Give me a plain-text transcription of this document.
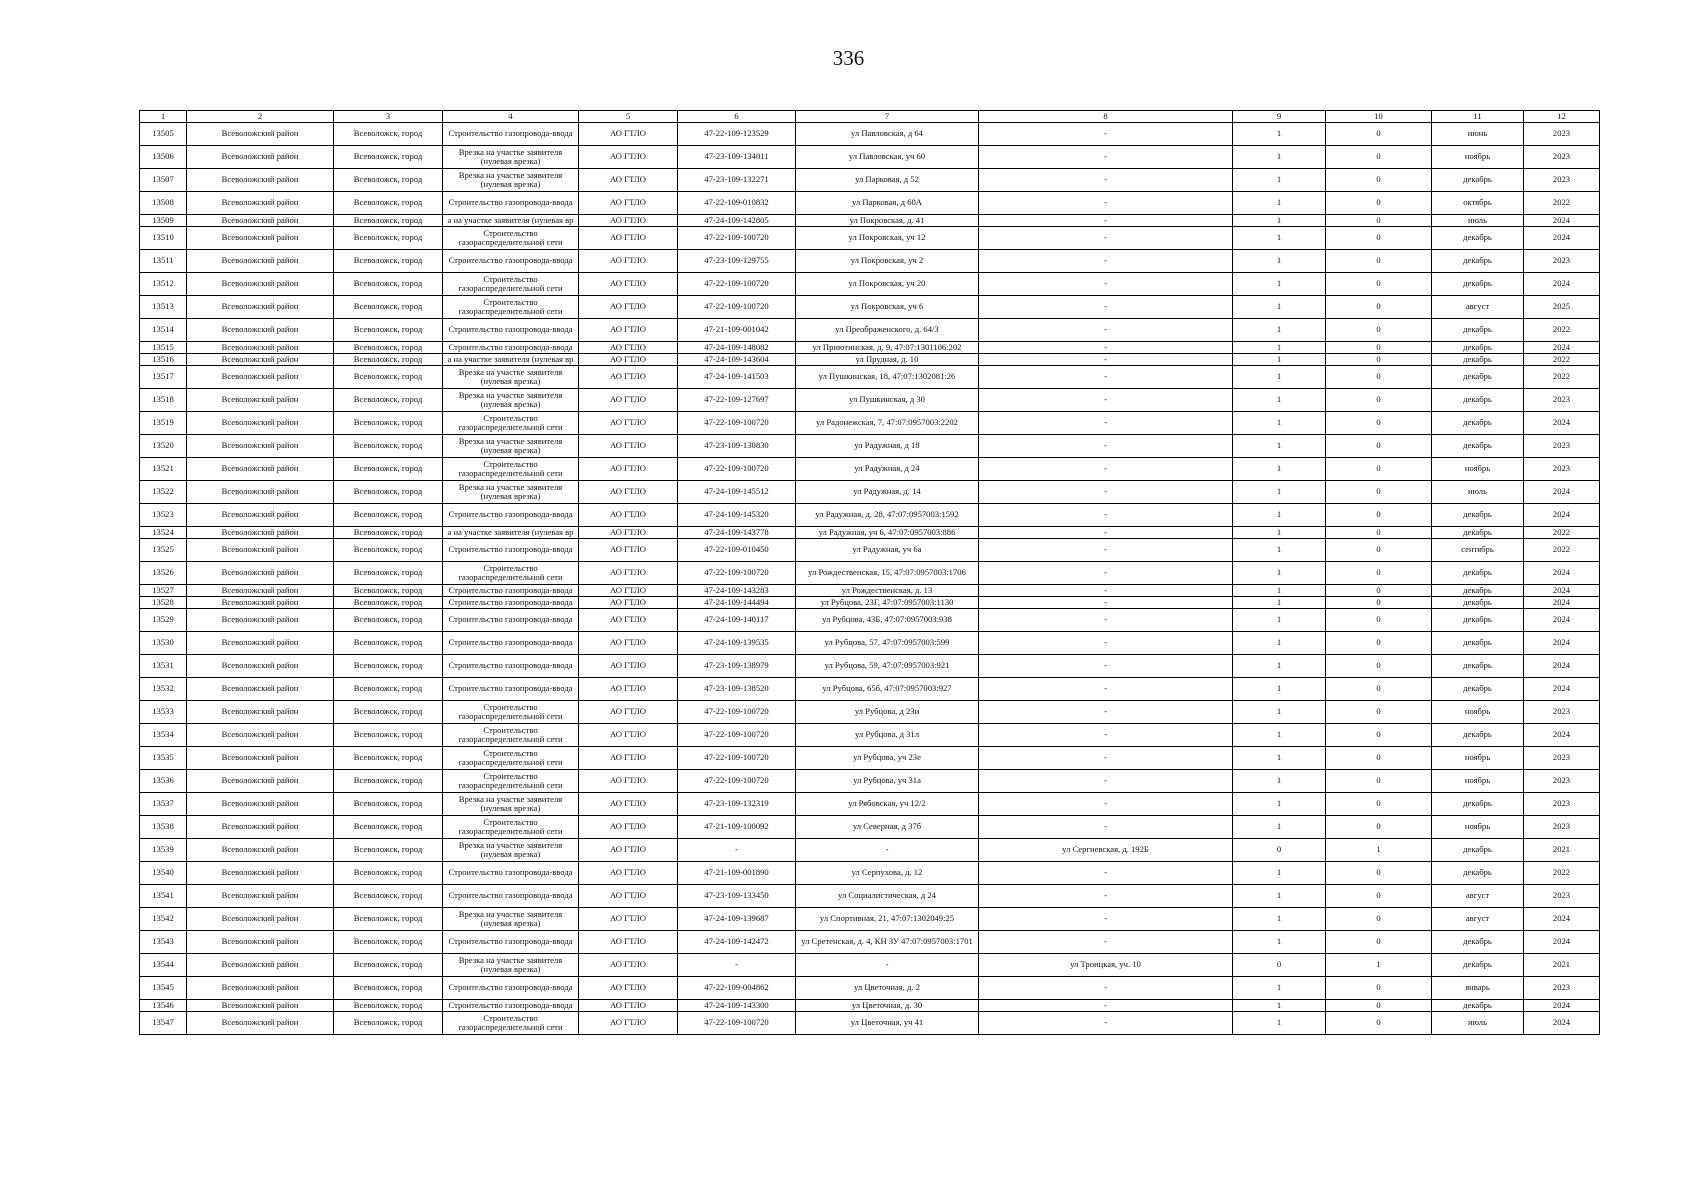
336
1	2	3	4	5	6	7	8	9	10	11	12
13505	Всеволожский район	Всеволожск, город	Строительство газопровода-ввода	АО ГТЛО	47-22-109-123529	ул Павловская, д 64	-	1	0	июнь	2023
13506	Всеволожский район	Всеволожск, город	Врезка на участке заявителя (нулевая врезка)	АО ГТЛО	47-23-109-134011	ул Павловская, уч 60	-	1	0	ноябрь	2023
13507	Всеволожский район	Всеволожск, город	Врезка на участке заявителя (нулевая врезка)	АО ГТЛО	47-23-109-132271	ул Парковая, д 52	-	1	0	декабрь	2023
13508	Всеволожский район	Всеволожск, город	Строительство газопровода-ввода	АО ГТЛО	47-22-109-010832	ул Парковая, д 60А	-	1	0	октябрь	2022
13509	Всеволожский район	Всеволожск, город	а на участке заявителя (нулевая вр	АО ГТЛО	47-24-109-142805	ул Покровская, д. 41	-	1	0	июль	2024
13510	Всеволожский район	Всеволожск, город	Строительство газораспределительной сети	АО ГТЛО	47-22-109-100720	ул Покровская, уч 12	-	1	0	декабрь	2024
13511	Всеволожский район	Всеволожск, город	Строительство газопровода-ввода	АО ГТЛО	47-23-109-129755	ул Покровская, уч 2	-	1	0	декабрь	2023
13512	Всеволожский район	Всеволожск, город	Строительство газораспределительной сети	АО ГТЛО	47-22-109-100720	ул Покровская, уч 20	-	1	0	декабрь	2024
13513	Всеволожский район	Всеволожск, город	Строительство газораспределительной сети	АО ГТЛО	47-22-109-100720	ул Покровская, уч 6	-	1	0	август	2025
13514	Всеволожский район	Всеволожск, город	Строительство газопровода-ввода	АО ГТЛО	47-21-109-001042	ул Преображенского, д. 64/3	-	1	0	декабрь	2022
13515	Всеволожский район	Всеволожск, город	Строительство газопровода-ввода	АО ГТЛО	47-24-109-148082	ул Приютинская, д. 9, 47:07:1301106:202	-	1	0	декабрь	2024
13516	Всеволожский район	Всеволожск, город	а на участке заявителя (нулевая вр	АО ГТЛО	47-24-109-143604	ул Прудная, д. 10	-	1	0	декабрь	2022
13517	Всеволожский район	Всеволожск, город	Врезка на участке заявителя (нулевая врезка)	АО ГТЛО	47-24-109-141503	ул Пушкинская, 18, 47:07:1302081:26	-	1	0	декабрь	2022
13518	Всеволожский район	Всеволожск, город	Врезка на участке заявителя (нулевая врезка)	АО ГТЛО	47-22-109-127697	ул Пушкинская, д 30	-	1	0	декабрь	2023
13519	Всеволожский район	Всеволожск, город	Строительство газораспределительной сети	АО ГТЛО	47-22-109-100720	ул Радонежская, 7, 47:07:0957003:2202	-	1	0	декабрь	2024
13520	Всеволожский район	Всеволожск, город	Врезка на участке заявителя (нулевая врезка)	АО ГТЛО	47-23-109-130830	ул Радужная, д 18	-	1	0	декабрь	2023
13521	Всеволожский район	Всеволожск, город	Строительство газораспределительной сети	АО ГТЛО	47-22-109-100720	ул Радужная, д 24	-	1	0	ноябрь	2023
13522	Всеволожский район	Всеволожск, город	Врезка на участке заявителя (нулевая врезка)	АО ГТЛО	47-24-109-145512	ул Радужная, д. 14	-	1	0	июль	2024
13523	Всеволожский район	Всеволожск, город	Строительство газопровода-ввода	АО ГТЛО	47-24-109-145320	ул Радужная, д. 28, 47:07:0957003:1592	-	1	0	декабрь	2024
13524	Всеволожский район	Всеволожск, город	а на участке заявителя (нулевая вр	АО ГТЛО	47-24-109-143778	ул Радужная, уч 6, 47:07:0957003:886	-	1	0	декабрь	2022
13525	Всеволожский район	Всеволожск, город	Строительство газопровода-ввода	АО ГТЛО	47-22-109-010450	ул Радужная, уч 6а	-	1	0	сентябрь	2022
13526	Всеволожский район	Всеволожск, город	Строительство газораспределительной сети	АО ГТЛО	47-22-109-100720	ул Рождественская, 15, 47:07:0957003:1706	-	1	0	декабрь	2024
13527	Всеволожский район	Всеволожск, город	Строительство газопровода-ввода	АО ГТЛО	47-24-109-143283	ул Рождественская, д. 13	-	1	0	декабрь	2024
13528	Всеволожский район	Всеволожск, город	Строительство газопровода-ввода	АО ГТЛО	47-24-109-144494	ул Рубцова, 23Г, 47:07:0957003:1130	-	1	0	декабрь	2024
13529	Всеволожский район	Всеволожск, город	Строительство газопровода-ввода	АО ГТЛО	47-24-109-140117	ул Рубцова, 43Б, 47:07:0957003:938	-	1	0	декабрь	2024
13530	Всеволожский район	Всеволожск, город	Строительство газопровода-ввода	АО ГТЛО	47-24-109-139535	ул Рубцова, 57, 47:07:0957003:599	-	1	0	декабрь	2024
13531	Всеволожский район	Всеволожск, город	Строительство газопровода-ввода	АО ГТЛО	47-23-109-138979	ул Рубцова, 59, 47:07:0957003:921	-	1	0	декабрь	2024
13532	Всеволожский район	Всеволожск, город	Строительство газопровода-ввода	АО ГТЛО	47-23-109-138520	ул Рубцова, 65б, 47:07:0957003:927	-	1	0	декабрь	2024
13533	Всеволожский район	Всеволожск, город	Строительство газораспределительной сети	АО ГТЛО	47-22-109-100720	ул Рубцова, д 23и	-	1	0	ноябрь	2023
13534	Всеволожский район	Всеволожск, город	Строительство газораспределительной сети	АО ГТЛО	47-22-109-100720	ул Рубцова, д 31л	-	1	0	декабрь	2024
13535	Всеволожский район	Всеволожск, город	Строительство газораспределительной сети	АО ГТЛО	47-22-109-100720	ул Рубцова, уч 23е	-	1	0	ноябрь	2023
13536	Всеволожский район	Всеволожск, город	Строительство газораспределительной сети	АО ГТЛО	47-22-109-100720	ул Рубцова, уч 31а	-	1	0	ноябрь	2023
13537	Всеволожский район	Всеволожск, город	Врезка на участке заявителя (нулевая врезка)	АО ГТЛО	47-23-109-132319	ул Рябовская, уч 12/2	-	1	0	декабрь	2023
13538	Всеволожский район	Всеволожск, город	Строительство газораспределительной сети	АО ГТЛО	47-21-109-100092	ул Северная, д 37б	-	1	0	ноябрь	2023
13539	Всеволожский район	Всеволожск, город	Врезка на участке заявителя (нулевая врезка)	АО ГТЛО	-	-	ул Сергиевская, д. 192Б	0	1	декабрь	2021
13540	Всеволожский район	Всеволожск, город	Строительство газопровода-ввода	АО ГТЛО	47-21-109-001890	ул Серпухова, д. 12	-	1	0	декабрь	2022
13541	Всеволожский район	Всеволожск, город	Строительство газопровода-ввода	АО ГТЛО	47-23-109-133450	ул Социалистическая, д 24	-	1	0	август	2023
13542	Всеволожский район	Всеволожск, город	Врезка на участке заявителя (нулевая врезка)	АО ГТЛО	47-24-109-139687	ул Спортивная, 21, 47:07:1302049:25	-	1	0	август	2024
13543	Всеволожский район	Всеволожск, город	Строительство газопровода-ввода	АО ГТЛО	47-24-109-142472	ул Сретенская, д. 4, КН ЗУ 47:07:0957003:1701	-	1	0	декабрь	2024
13544	Всеволожский район	Всеволожск, город	Врезка на участке заявителя (нулевая врезка)	АО ГТЛО	-	-	ул Троицкая, уч. 10	0	1	декабрь	2021
13545	Всеволожский район	Всеволожск, город	Строительство газопровода-ввода	АО ГТЛО	47-22-109-004862	ул Цветочная, д. 2	-	1	0	январь	2023
13546	Всеволожский район	Всеволожск, город	Строительство газопровода-ввода	АО ГТЛО	47-24-109-143300	ул Цветочная, д. 30	-	1	0	декабрь	2024
13547	Всеволожский район	Всеволожск, город	Строительство газораспределительной сети	АО ГТЛО	47-22-109-100720	ул Цветочная, уч 41	-	1	0	июль	2024
